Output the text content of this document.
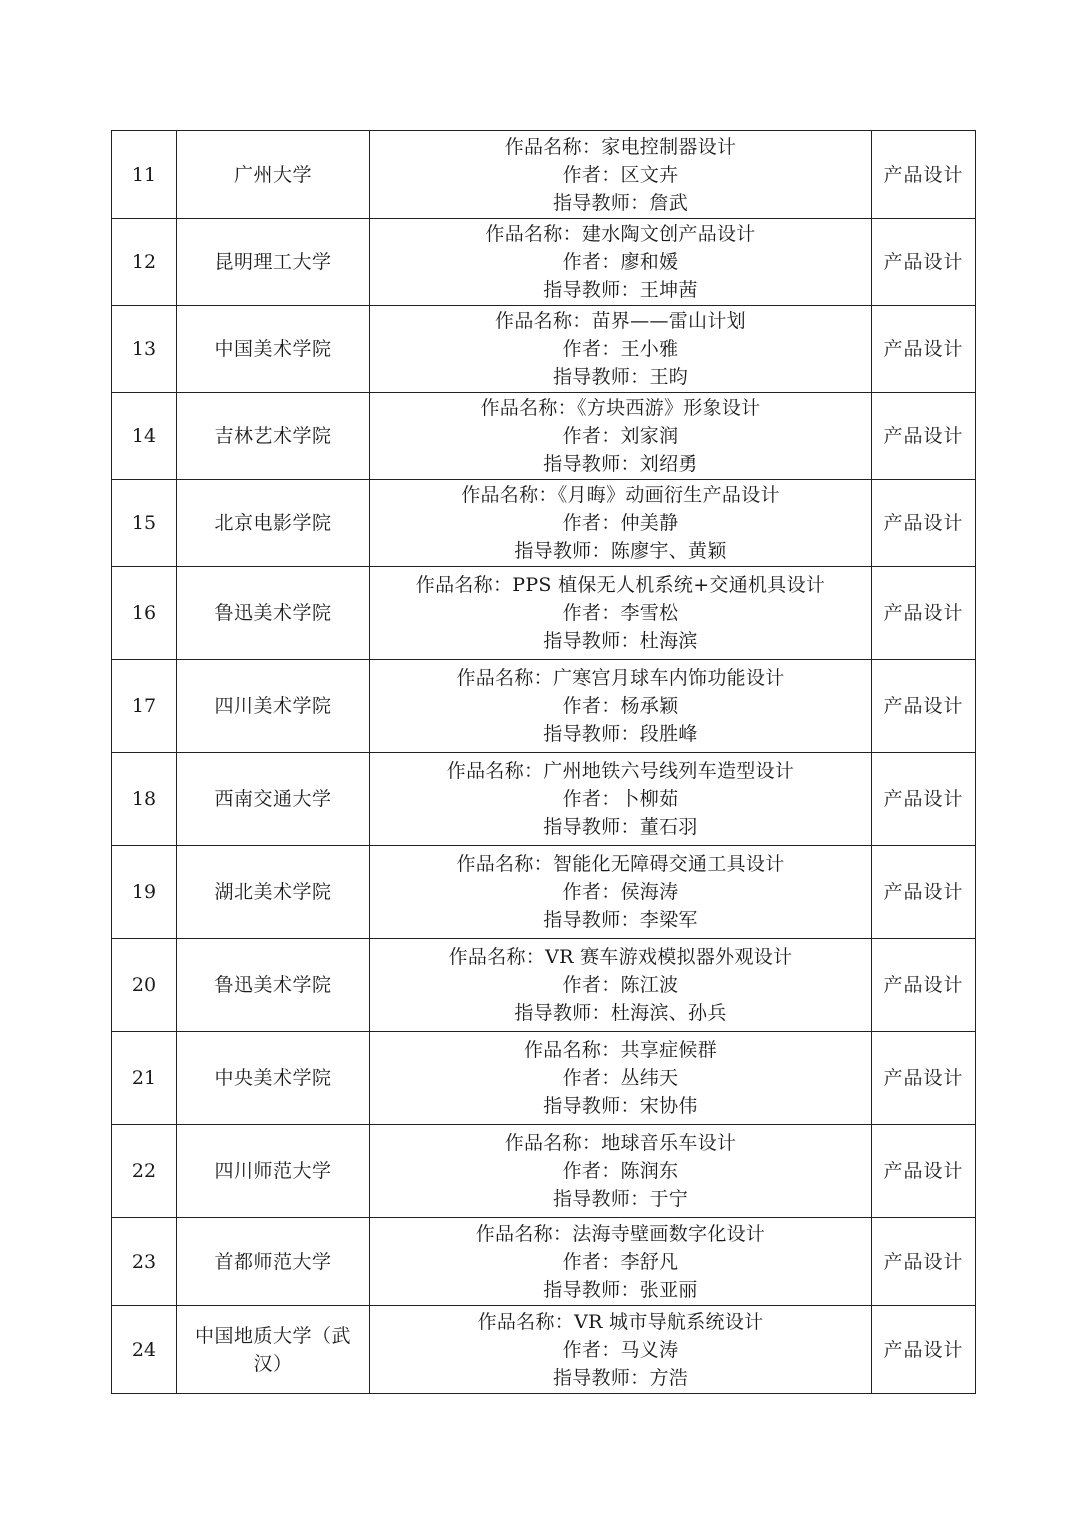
11	广州大学	作品名称：家电控制器设计
作者：区文卉
指导教师：詹武	产品设计
12	昆明理工大学	作品名称：建水陶文创产品设计
作者：廖和媛
指导教师：王坤茜	产品设计
13	中国美术学院	作品名称：苗界——雷山计划
作者：王小雅
指导教师：王昀	产品设计
14	吉林艺术学院	作品名称：《方块西游》形象设计
作者：刘家润
指导教师：刘绍勇	产品设计
15	北京电影学院	作品名称：《月晦》动画衍生产品设计
作者：仲美静
指导教师：陈廖宇、黄颖	产品设计
16	鲁迅美术学院	作品名称：PPS 植保无人机系统+交通机具设计
作者：李雪松
指导教师：杜海滨	产品设计
17	四川美术学院	作品名称：广寒宫月球车内饰功能设计
作者：杨承颖
指导教师：段胜峰	产品设计
18	西南交通大学	作品名称：广州地铁六号线列车造型设计
作者：卜柳茹
指导教师：董石羽	产品设计
19	湖北美术学院	作品名称：智能化无障碍交通工具设计
作者：侯海涛
指导教师：李梁军	产品设计
20	鲁迅美术学院	作品名称：VR 赛车游戏模拟器外观设计
作者：陈江波
指导教师：杜海滨、孙兵	产品设计
21	中央美术学院	作品名称：共享症候群
作者：丛纬天
指导教师：宋协伟	产品设计
22	四川师范大学	作品名称：地球音乐车设计
作者：陈润东
指导教师：于宁	产品设计
23	首都师范大学	作品名称：法海寺壁画数字化设计
作者：李舒凡
指导教师：张亚丽	产品设计
24	中国地质大学（武汉）	作品名称：VR 城市导航系统设计
作者：马义涛
指导教师：方浩	产品设计
